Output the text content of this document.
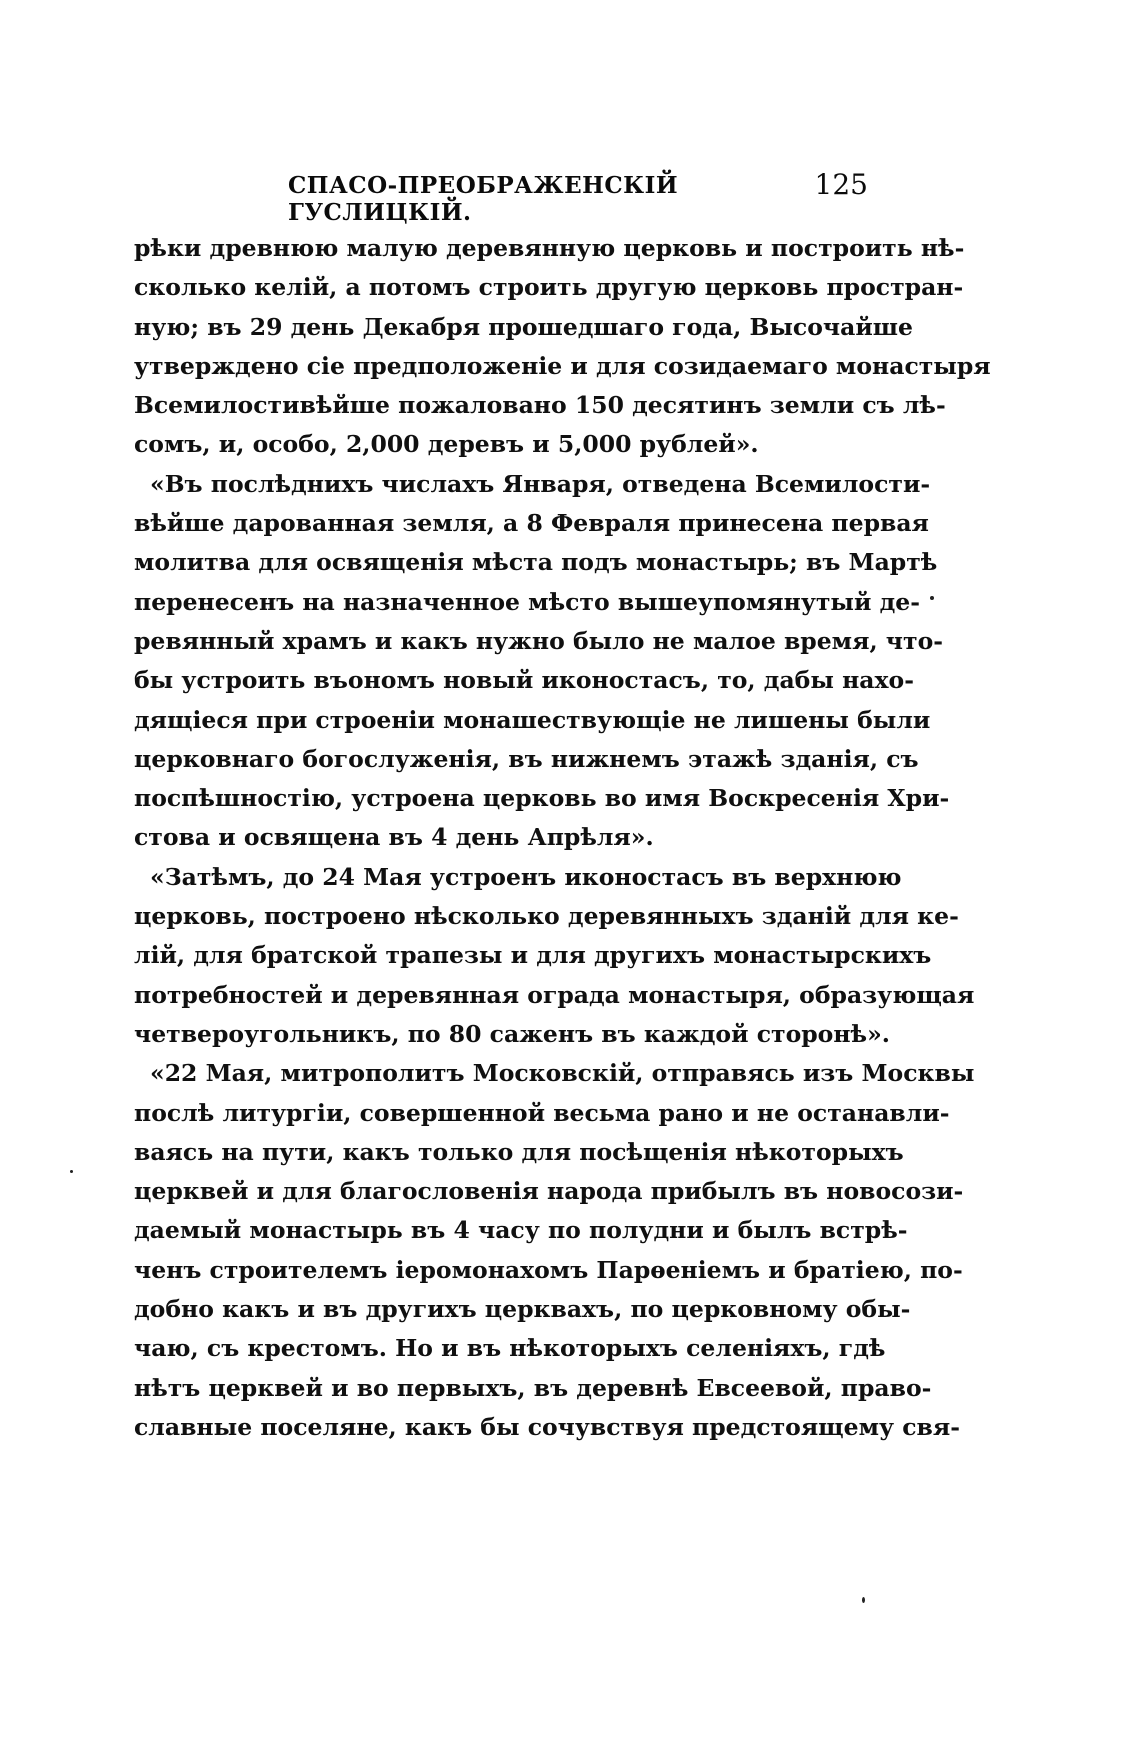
СПАСО-ПРЕОБРАЖЕНСКІЙ ГУСЛИЦКІЙ.
125
рѣки древнюю малую деревянную церковь и построить нѣ-
сколько келій, а потомъ строить другую церковь простран-
ную; въ 29 день Декабря прошедшаго года, Высочайше
утверждено сіе предположеніе и для созидаемаго монастыря
Всемилостивѣйше пожаловано 150 десятинъ земли съ лѣ-
сомъ, и, особо, 2,000 деревъ и 5,000 рублей».
«Въ послѣднихъ числахъ Января, отведена Всемилости-
вѣйше дарованная земля, а 8 Февраля принесена первая
молитва для освященія мѣста подъ монастырь; въ Мартѣ
перенесенъ на назначенное мѣсто вышеупомянутый де-
ревянный храмъ и какъ нужно было не малое время, что-
бы устроить въономъ новый иконостасъ, то, дабы нахо-
дящіеся при строеніи монашествующіе не лишены были
церковнаго богослуженія, въ нижнемъ этажѣ зданія, съ
поспѣшностію, устроена церковь во имя Воскресенія Хри-
стова и освящена въ 4 день Апрѣля».
«Затѣмъ, до 24 Мая устроенъ иконостасъ въ верхнюю
церковь, построено нѣсколько деревянныхъ зданій для ке-
лій, для братской трапезы и для другихъ монастырскихъ
потребностей и деревянная ограда монастыря, образующая
четвероугольникъ, по 80 саженъ въ каждой сторонѣ».
«22 Мая, митрополитъ Московскій, отправясь изъ Москвы
послѣ литургіи, совершенной весьма рано и не останавли-
ваясь на пути, какъ только для посѣщенія нѣкоторыхъ
церквей и для благословенія народа прибылъ въ новосози-
даемый монастырь въ 4 часу по полудни и былъ встрѣ-
ченъ строителемъ іеромонахомъ Парѳеніемъ и братіею, по-
добно какъ и въ другихъ церквахъ, по церковному обы-
чаю, съ крестомъ. Но и въ нѣкоторыхъ селеніяхъ, гдѣ
нѣтъ церквей и во первыхъ, въ деревнѣ Евсеевой, право-
славные поселяне, какъ бы сочувствуя предстоящему свя-
